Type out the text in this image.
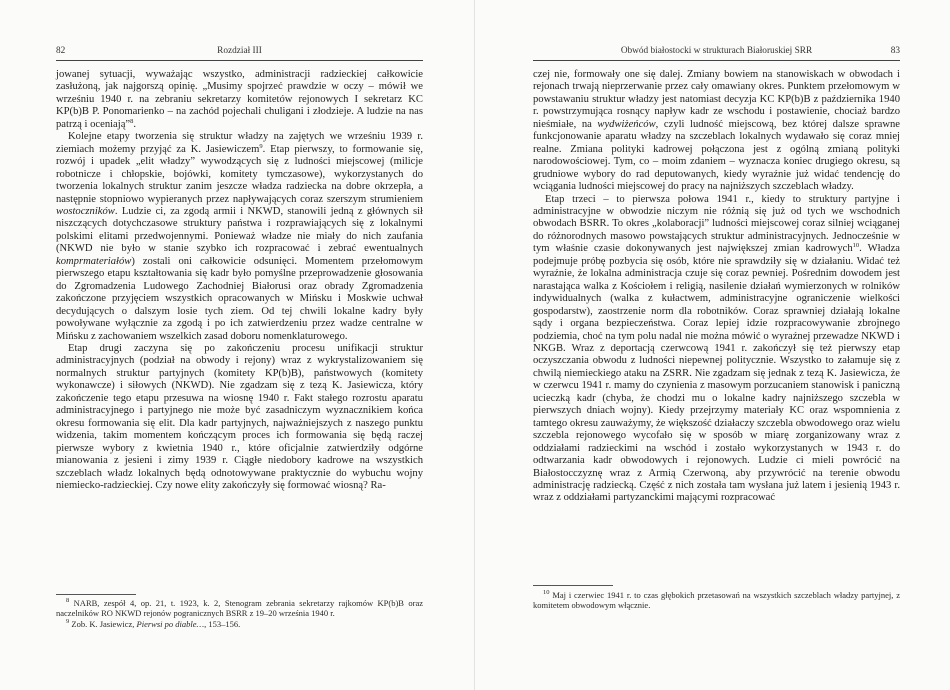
82	Rozdział III

jowanej sytuacji, wyważając wszystko, administracji radzieckiej całkowicie zasłużoną, jak najgorszą opinię. „Musimy spojrzeć prawdzie w oczy – mówił we wrześniu 1940 r. na zebraniu sekretarzy komitetów rejonowych I sekretarz KC KP(b)B P. Ponomarienko – na zachód pojechali chuligani i złodzieje. A ludzie na nas patrzą i oceniają”$^8$.

Kolejne etapy tworzenia się struktur władzy na zajętych we wrześniu 1939 r. ziemiach możemy przyjąć za K. Jasiewiczem$^9$. Etap pierwszy, to formowanie się, rozwój i upadek „elit władzy” wywodzących się z ludności miejscowej (milicje robotnicze i chłopskie, bojówki, komitety tymczasowe), wykorzystanych do tworzenia lokalnych struktur zanim jeszcze władza radziecka na dobre okrzepła, a następnie stopniowo wypieranych przez napływających coraz szerszym strumieniem wostoczników. Ludzie ci, za zgodą armii i NKWD, stanowili jedną z głównych sił niszczących dotychczasowe struktury państwa i rozprawiających się z lokalnymi polskimi elitami przedwojennymi. Ponieważ władze nie miały do nich zaufania (NKWD nie było w stanie szybko ich rozpracować i zebrać ewentualnych komprmateriałów) zostali oni całkowicie odsunięci. Momentem przełomowym pierwszego etapu kształtowania się kadr było pomyślne przeprowadzenie głosowania do Zgromadzenia Ludowego Zachodniej Białorusi oraz obrady Zgromadzenia zakończone przyjęciem wszystkich opracowanych w Mińsku i Moskwie uchwał decydujących o dalszym losie tych ziem. Od tej chwili lokalne kadry były powoływane wyłącznie za zgodą i po ich zatwierdzeniu przez wadze centralne w Mińsku z zachowaniem wszelkich zasad doboru nomenklaturowego.

Etap drugi zaczyna się po zakończeniu procesu unifikacji struktur administracyjnych (podział na obwody i rejony) wraz z wykrystalizowaniem się normalnych struktur partyjnych (komitety KP(b)B), państwowych (komitety wykonawcze) i siłowych (NKWD). Nie zgadzam się z tezą K. Jasiewicza, który zakończenie tego etapu przesuwa na wiosnę 1940 r. Fakt stałego rozrostu aparatu administracyjnego i partyjnego nie może być zasadniczym wyznacznikiem końca okresu formowania się elit. Dla kadr partyjnych, najważniejszych z naszego punktu widzenia, takim momentem kończącym proces ich formowania się będą raczej pierwsze wybory z kwietnia 1940 r., które oficjalnie zatwierdziły odgórne mianowania z jesieni i zimy 1939 r. Ciągłe niedobory kadrowe na wszystkich szczeblach władz lokalnych będą odnotowywane praktycznie do wybuchu wojny niemiecko-radzieckiej. Czy nowe elity zakończyły się formować wiosną? Ra-

$^8$ NARB, zespół 4, op. 21, t. 1923, k. 2, Stenogram zebrania sekretarzy rajkomów KP(b)B oraz naczelników RO NKWD rejonów pogranicznych BSRR z 19–20 września 1940 r.

$^9$ Zob. K. Jasiewicz, Pierwsi po diable…, 153–156.

Obwód białostocki w strukturach Białoruskiej SRR	83

czej nie, formowały one się dalej. Zmiany bowiem na stanowiskach w obwodach i rejonach trwają nieprzerwanie przez cały omawiany okres. Punktem przełomowym w powstawaniu struktur władzy jest natomiast decyzja KC KP(b)B z października 1940 r. powstrzymująca rosnący napływ kadr ze wschodu i postawienie, chociaż bardzo nieśmiałe, na wydwiżeńców, czyli ludność miejscową, bez której dalsze sprawne funkcjonowanie aparatu władzy na szczeblach lokalnych wydawało się coraz mniej realne. Zmiana polityki kadrowej połączona jest z ogólną zmianą polityki narodowościowej. Tym, co – moim zdaniem – wyznacza koniec drugiego okresu, są grudniowe wybory do rad deputowanych, kiedy wyraźnie już widać tendencję do wciągania ludności miejscowej do pracy na najniższych szczeblach władzy.

Etap trzeci – to pierwsza połowa 1941 r., kiedy to struktury partyjne i administracyjne w obwodzie niczym nie różnią się już od tych we wschodnich obwodach BSRR. To okres „kolaboracji” ludności miejscowej coraz silniej wciąganej do różnorodnych masowo powstających struktur administracyjnych. Jednocześnie w tym właśnie czasie dokonywanych jest największej zmian kadrowych$^{10}$. Władza podejmuje próbę pozbycia się osób, które nie sprawdziły się w działaniu. Widać też wyraźnie, że lokalna administracja czuje się coraz pewniej. Pośrednim dowodem jest narastająca walka z Kościołem i religią, nasilenie działań wymierzonych w rolników indywidualnych (walka z kułactwem, administracyjne ograniczenie wielkości gospodarstw), zaostrzenie norm dla robotników. Coraz sprawniej działają lokalne sądy i organa bezpieczeństwa. Coraz lepiej idzie rozpracowywanie zbrojnego podziemia, choć na tym polu nadal nie można mówić o wyraźnej przewadze NKWD i NKGB. Wraz z deportacją czerwcową 1941 r. zakończył się też pierwszy etap oczyszczania obwodu z ludności niepewnej politycznie. Wszystko to załamuje się z chwilą niemieckiego ataku na ZSRR. Nie zgadzam się jednak z tezą K. Jasiewicza, że w czerwcu 1941 r. mamy do czynienia z masowym porzucaniem stanowisk i paniczną ucieczką kadr (chyba, że chodzi mu o lokalne kadry najniższego szczebla w pierwszych dniach wojny). Kiedy przejrzymy materiały KC oraz wspomnienia z tamtego okresu zauważymy, że większość działaczy szczebla obwodowego oraz wielu szczebla rejonowego wycofało się w sposób w miarę zorganizowany wraz z oddziałami radzieckimi na wschód i zostało wykorzystanych w 1943 r. do odtwarzania kadr obwodowych i rejonowych. Ludzie ci mieli powrócić na Białostocczyznę wraz z Armią Czerwoną, aby przywrócić na terenie obwodu administrację radziecką. Część z nich została tam wysłana już latem i jesienią 1943 r. wraz z oddziałami partyzanckimi mającymi rozpracować

$^{10}$ Maj i czerwiec 1941 r. to czas głębokich przetasowań na wszystkich szczeblach władzy partyjnej, z komitetem obwodowym włącznie.
